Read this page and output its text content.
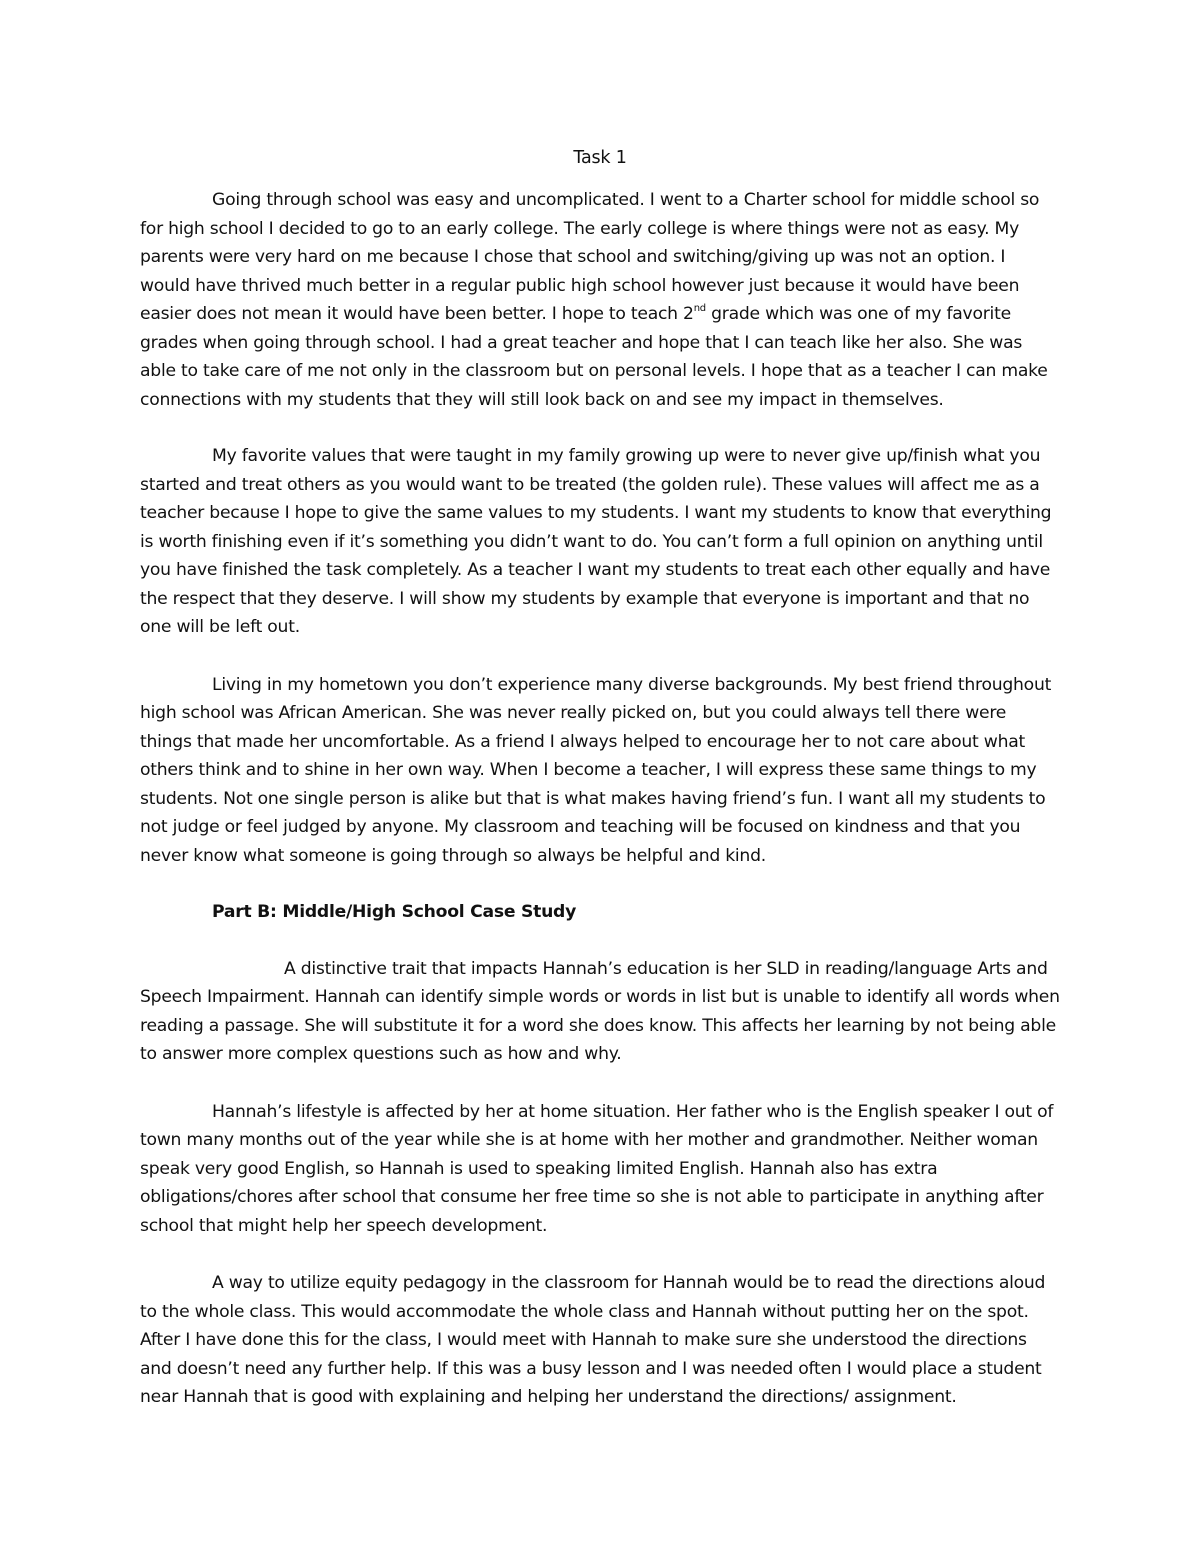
Task 1

Going through school was easy and uncomplicated. I went to a Charter school for middle school so for high school I decided to go to an early college. The early college is where things were not as easy. My parents were very hard on me because I chose that school and switching/giving up was not an option. I would have thrived much better in a regular public high school however just because it would have been easier does not mean it would have been better. I hope to teach 2nd grade which was one of my favorite grades when going through school. I had a great teacher and hope that I can teach like her also. She was able to take care of me not only in the classroom but on personal levels. I hope that as a teacher I can make connections with my students that they will still look back on and see my impact in themselves.

My favorite values that were taught in my family growing up were to never give up/finish what you started and treat others as you would want to be treated (the golden rule). These values will affect me as a teacher because I hope to give the same values to my students. I want my students to know that everything is worth finishing even if it’s something you didn’t want to do. You can’t form a full opinion on anything until you have finished the task completely. As a teacher I want my students to treat each other equally and have the respect that they deserve. I will show my students by example that everyone is important and that no one will be left out.

Living in my hometown you don’t experience many diverse backgrounds. My best friend throughout high school was African American. She was never really picked on, but you could always tell there were things that made her uncomfortable. As a friend I always helped to encourage her to not care about what others think and to shine in her own way. When I become a teacher, I will express these same things to my students. Not one single person is alike but that is what makes having friend’s fun. I want all my students to not judge or feel judged by anyone. My classroom and teaching will be focused on kindness and that you never know what someone is going through so always be helpful and kind.

Part B: Middle/High School Case Study

A distinctive trait that impacts Hannah’s education is her SLD in reading/language Arts and Speech Impairment. Hannah can identify simple words or words in list but is unable to identify all words when reading a passage. She will substitute it for a word she does know. This affects her learning by not being able to answer more complex questions such as how and why.

Hannah’s lifestyle is affected by her at home situation. Her father who is the English speaker I out of town many months out of the year while she is at home with her mother and grandmother. Neither woman speak very good English, so Hannah is used to speaking limited English. Hannah also has extra obligations/chores after school that consume her free time so she is not able to participate in anything after school that might help her speech development.

A way to utilize equity pedagogy in the classroom for Hannah would be to read the directions aloud to the whole class. This would accommodate the whole class and Hannah without putting her on the spot. After I have done this for the class, I would meet with Hannah to make sure she understood the directions and doesn’t need any further help. If this was a busy lesson and I was needed often I would place a student near Hannah that is good with explaining and helping her understand the directions/ assignment.
